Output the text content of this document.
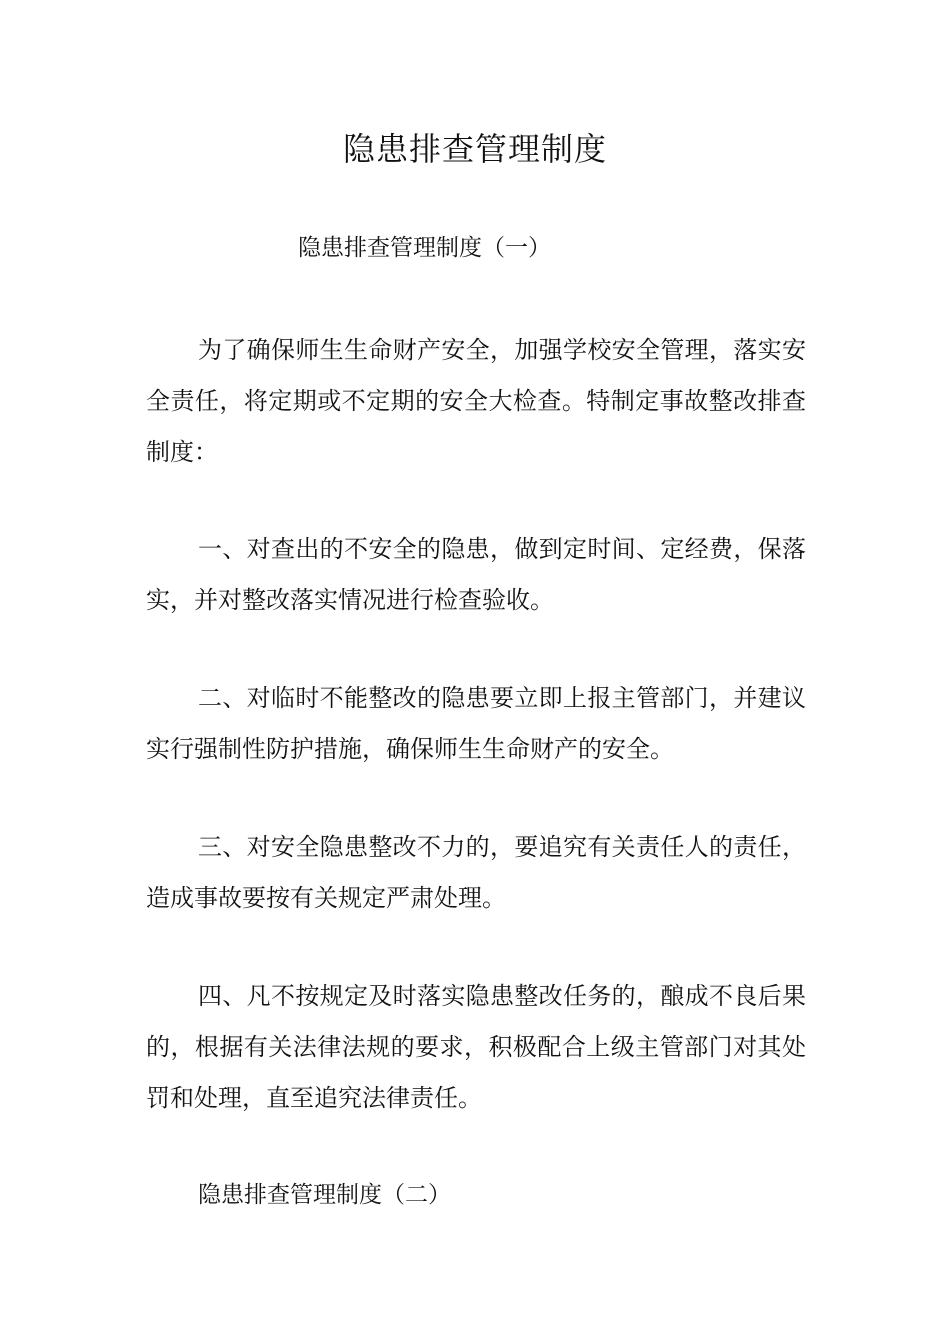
隐患排查管理制度

隐患排查管理制度（一）

为了确保师生生命财产安全，加强学校安全管理，落实安全责任，将定期或不定期的安全大检查。特制定事故整改排查制度：

一、对查出的不安全的隐患，做到定时间、定经费，保落实，并对整改落实情况进行检查验收。

二、对临时不能整改的隐患要立即上报主管部门，并建议实行强制性防护措施，确保师生生命财产的安全。

三、对安全隐患整改不力的，要追究有关责任人的责任，造成事故要按有关规定严肃处理。

四、凡不按规定及时落实隐患整改任务的，酿成不良后果的，根据有关法律法规的要求，积极配合上级主管部门对其处罚和处理，直至追究法律责任。

隐患排查管理制度（二）
